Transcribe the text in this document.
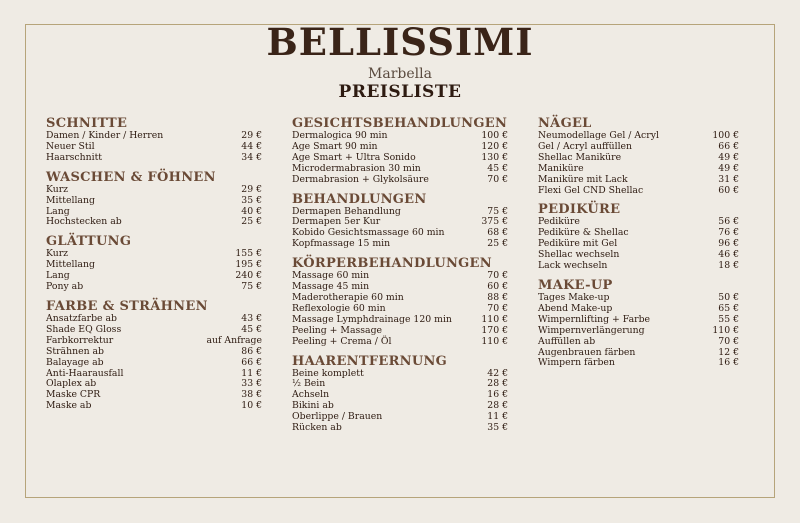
BELLISSIMI
Marbella
PREISLISTE
SCHNITTE
Damen / Kinder / Herren	29 €
Neuer Stil	44 €
Haarschnitt	34 €
WASCHEN & FÖHNEN
Kurz	29 €
Mittellang	35 €
Lang	40 €
Hochstecken ab	25 €
GLÄTTUNG
Kurz	155 €
Mittellang	195 €
Lang	240 €
Pony ab	75 €
FARBE & STRÄHNEN
Ansatzfarbe ab	43 €
Shade EQ Gloss	45 €
Farbkorrektur	auf Anfrage
Strähnen ab	86 €
Balayage ab	66 €
Anti-Haarausfall	11 €
Olaplex ab	33 €
Maske CPR	38 €
Maske ab	10 €
GESICHTSBEHANDLUNGEN
Dermalogica 90 min	100 €
Age Smart 90 min	120 €
Age Smart + Ultra Sonido	130 €
Microdermabrasion 30 min	45 €
Dermabrasion + Glykolsäure	70 €
BEHANDLUNGEN
Dermapen Behandlung	75 €
Dermapen 5er Kur	375 €
Kobido Gesichtsmassage 60 min	68 €
Kopfmassage 15 min	25 €
KÖRPERBEHANDLUNGEN
Massage 60 min	70 €
Massage 45 min	60 €
Maderotherapie 60 min	88 €
Reflexologie 60 min	70 €
Massage Lymphdrainage 120 min	110 €
Peeling + Massage	170 €
Peeling + Crema / Öl	110 €
HAARENTFERNUNG
Beine komplett	42 €
½ Bein	28 €
Achseln	16 €
Bikini ab	28 €
Oberlippe / Brauen	11 €
Rücken ab	35 €
NÄGEL
Neumodellage Gel / Acryl	100 €
Gel / Acryl auffüllen	66 €
Shellac Maniküre	49 €
Maniküre	49 €
Maniküre mit Lack	31 €
Flexi Gel CND Shellac	60 €
PEDIKÜRE
Pediküre	56 €
Pediküre & Shellac	76 €
Pediküre mit Gel	96 €
Shellac wechseln	46 €
Lack wechseln	18 €
MAKE-UP
Tages Make-up	50 €
Abend Make-up	65 €
Wimpernlifting + Farbe	55 €
Wimpernverlängerung	110 €
Auffüllen ab	70 €
Augenbrauen färben	12 €
Wimpern färben	16 €
